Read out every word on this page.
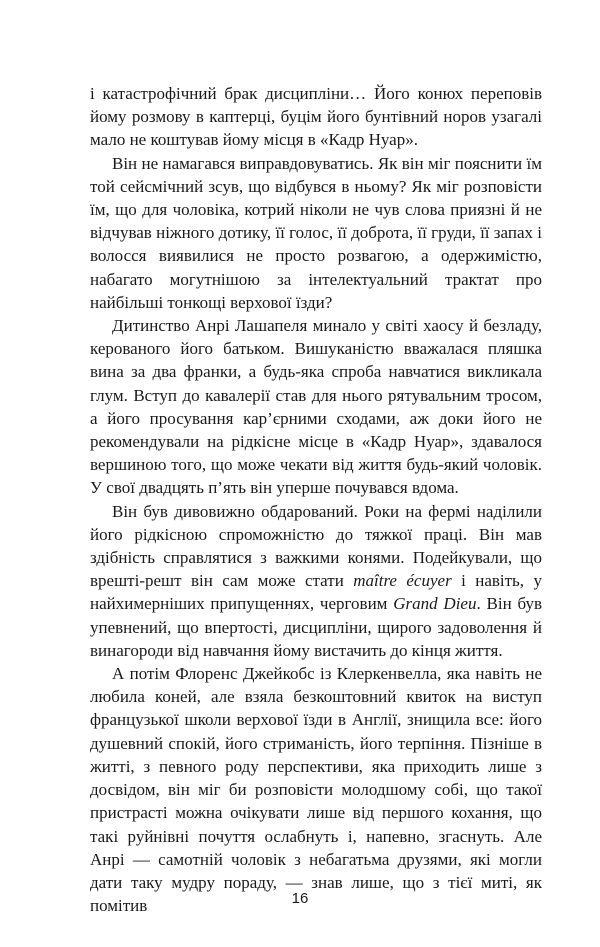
і катастрофічний брак дисципліни… Його конюх переповів йому розмову в каптерці, буцім його бунтівний норов узагалі мало не коштував йому місця в «Кадр Нуар».

Він не намагався виправдовуватись. Як він міг пояснити їм той сейсмічний зсув, що відбувся в ньому? Як міг розповісти їм, що для чоловіка, котрий ніколи не чув слова приязні й не відчував ніжного дотику, її голос, її доброта, її груди, її запах і волосся виявилися не просто розвагою, а одержимістю, набагато могутнішою за інтелектуальний трактат про найбільші тонкощі верхової їзди?

Дитинство Анрі Лашапеля минало у світі хаосу й безладу, керованого його батьком. Вишуканістю вважалася пляшка вина за два франки, а будь-яка спроба навчатися викликала глум. Вступ до кавалерії став для нього рятувальним тросом, а його просування кар’єрними сходами, аж доки його не рекомендували на рідкісне місце в «Кадр Нуар», здавалося вершиною того, що може чекати від життя будь-який чоловік. У свої двадцять п’ять він уперше почувався вдома.

Він був дивовижно обдарований. Роки на фермі наділили його рідкісною спроможністю до тяжкої праці. Він мав здібність справлятися з важкими конями. Подейкували, що врешті-решт він сам може стати maître écuyer і навіть, у найхимерніших припущеннях, черговим Grand Dieu. Він був упевнений, що впертості, дисципліни, щирого задоволення й винагороди від навчання йому вистачить до кінця життя.

А потім Флоренс Джейкобс із Клеркенвелла, яка навіть не любила коней, але взяла безкоштовний квиток на виступ французької школи верхової їзди в Англії, знищила все: його душевний спокій, його стриманість, його терпіння. Пізніше в житті, з певного роду перспективи, яка приходить лише з досвідом, він міг би розповісти молодшому собі, що такої пристрасті можна очікувати лише від першого кохання, що такі руйнівні почуття ослабнуть і, напевно, згаснуть. Але Анрі — самотній чоловік з небагатьма друзями, які могли дати таку мудру пораду, — знав лише, що з тієї миті, як помітив	16
